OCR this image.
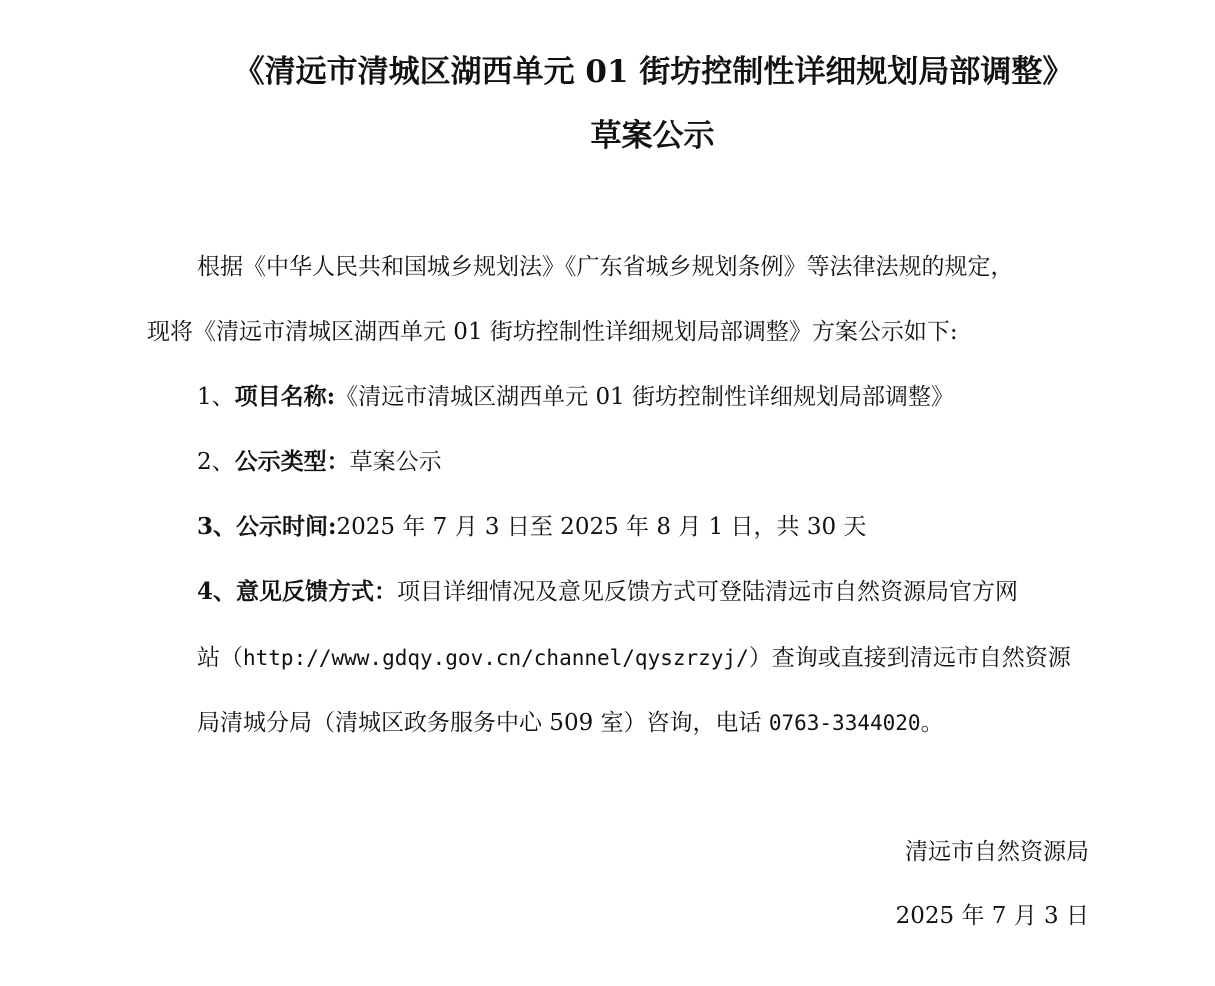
《清远市清城区湖西单元 01 街坊控制性详细规划局部调整》
草案公示
根据《中华人民共和国城乡规划法》《广东省城乡规划条例》等法律法规的规定，
现将《清远市清城区湖西单元 01 街坊控制性详细规划局部调整》方案公示如下:
1、项目名称:《清远市清城区湖西单元 01 街坊控制性详细规划局部调整》
2、公示类型：草案公示
3、公示时间:2025 年 7 月 3 日至 2025 年 8 月 1 日，共 30 天
4、意见反馈方式：项目详细情况及意见反馈方式可登陆清远市自然资源局官方网
站（http://www.gdqy.gov.cn/channel/qyszrzyj/）查询或直接到清远市自然资源
局清城分局（清城区政务服务中心 509 室）咨询，电话 0763-3344020。
清远市自然资源局
2025 年 7 月 3 日
